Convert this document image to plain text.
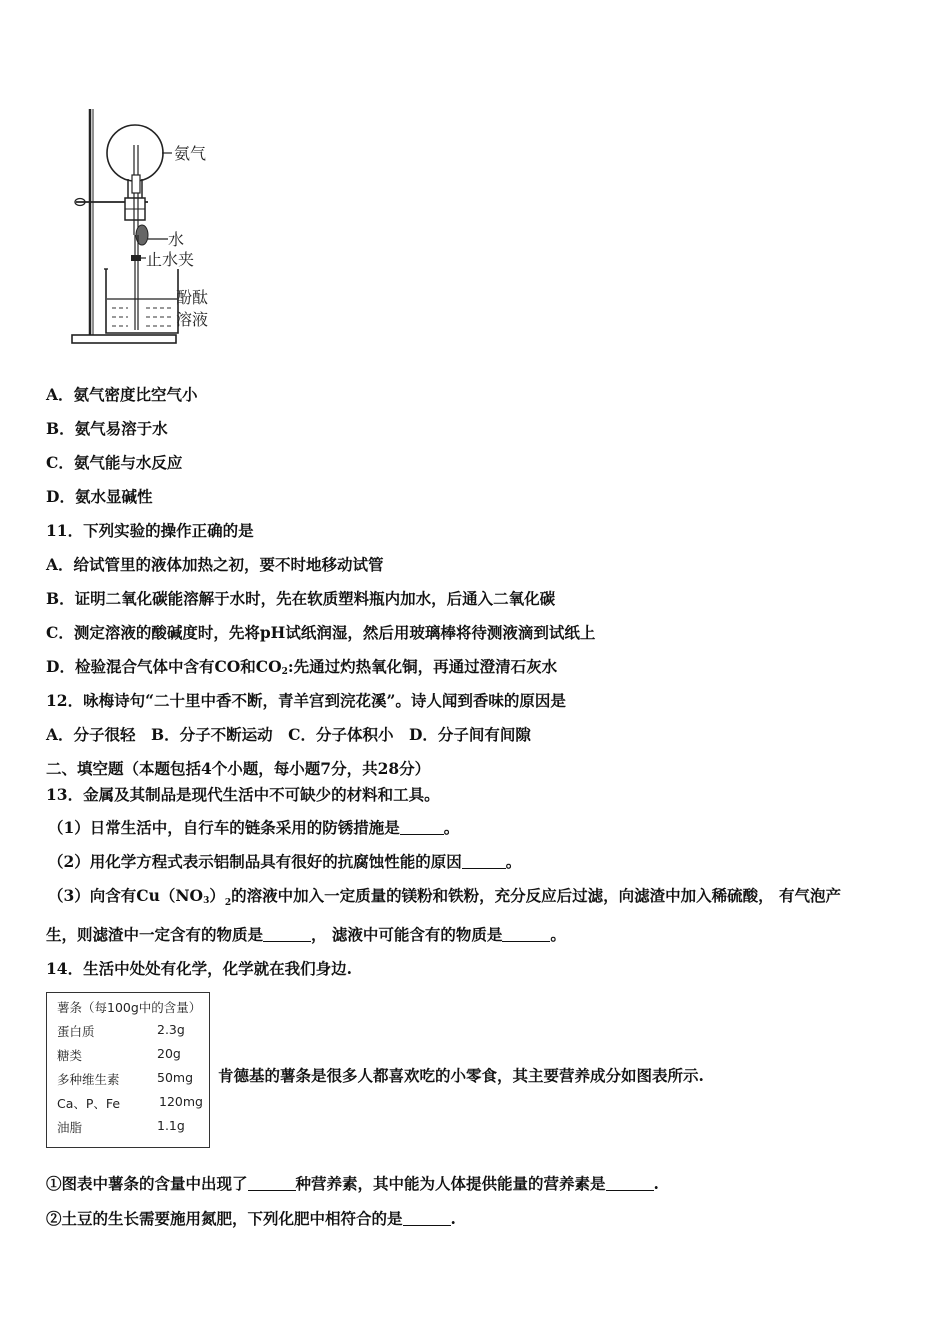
氨气
水
止水夹
酚酞
溶液
A．氨气密度比空气小
B．氨气易溶于水
C．氨气能与水反应
D．氨水显碱性
11．下列实验的操作正确的是
A．给试管里的液体加热之初，要不时地移动试管
B．证明二氧化碳能溶解于水时，先在软质塑料瓶内加水，后通入二氧化碳
C．测定溶液的酸碱度时，先将pH试纸润湿，然后用玻璃棒将待测液滴到试纸上
D．检验混合气体中含有CO和$CO_2$:先通过灼热氧化铜，再通过澄清石灰水
12．咏梅诗句“二十里中香不断，青羊宫到浣花溪”。诗人闻到香味的原因是
A．分子很轻　B．分子不断运动　C．分子体积小　D．分子间有间隙
二、填空题（本题包括4个小题，每小题7分，共28分）
13．金属及其制品是现代生活中不可缺少的材料和工具。
（1）日常生活中，自行车的链条采用的防锈措施是	。
（2）用化学方程式表示铝制品具有很好的抗腐蚀性能的原因	。
（3）向含有$Cu(NO_3)_2$的溶液中加入一定质量的镁粉和铁粉，充分反应后过滤，向滤渣中加入稀硫酸， 有气泡产
生，则滤渣中一定含有的物质是	， 滤液中可能含有的物质是	。
14．生活中处处有化学，化学就在我们身边.
薯条（每100g中的含量）
蛋白质	2.3g
糖类	20g
多种维生素	50mg
Ca、P、Fe	120mg
油脂	1.1g
肯德基的薯条是很多人都喜欢吃的小零食，其主要营养成分如图表所示.
①图表中薯条的含量中出现了	种营养素，其中能为人体提供能量的营养素是	.
②土豆的生长需要施用氮肥，下列化肥中相符合的是	.
